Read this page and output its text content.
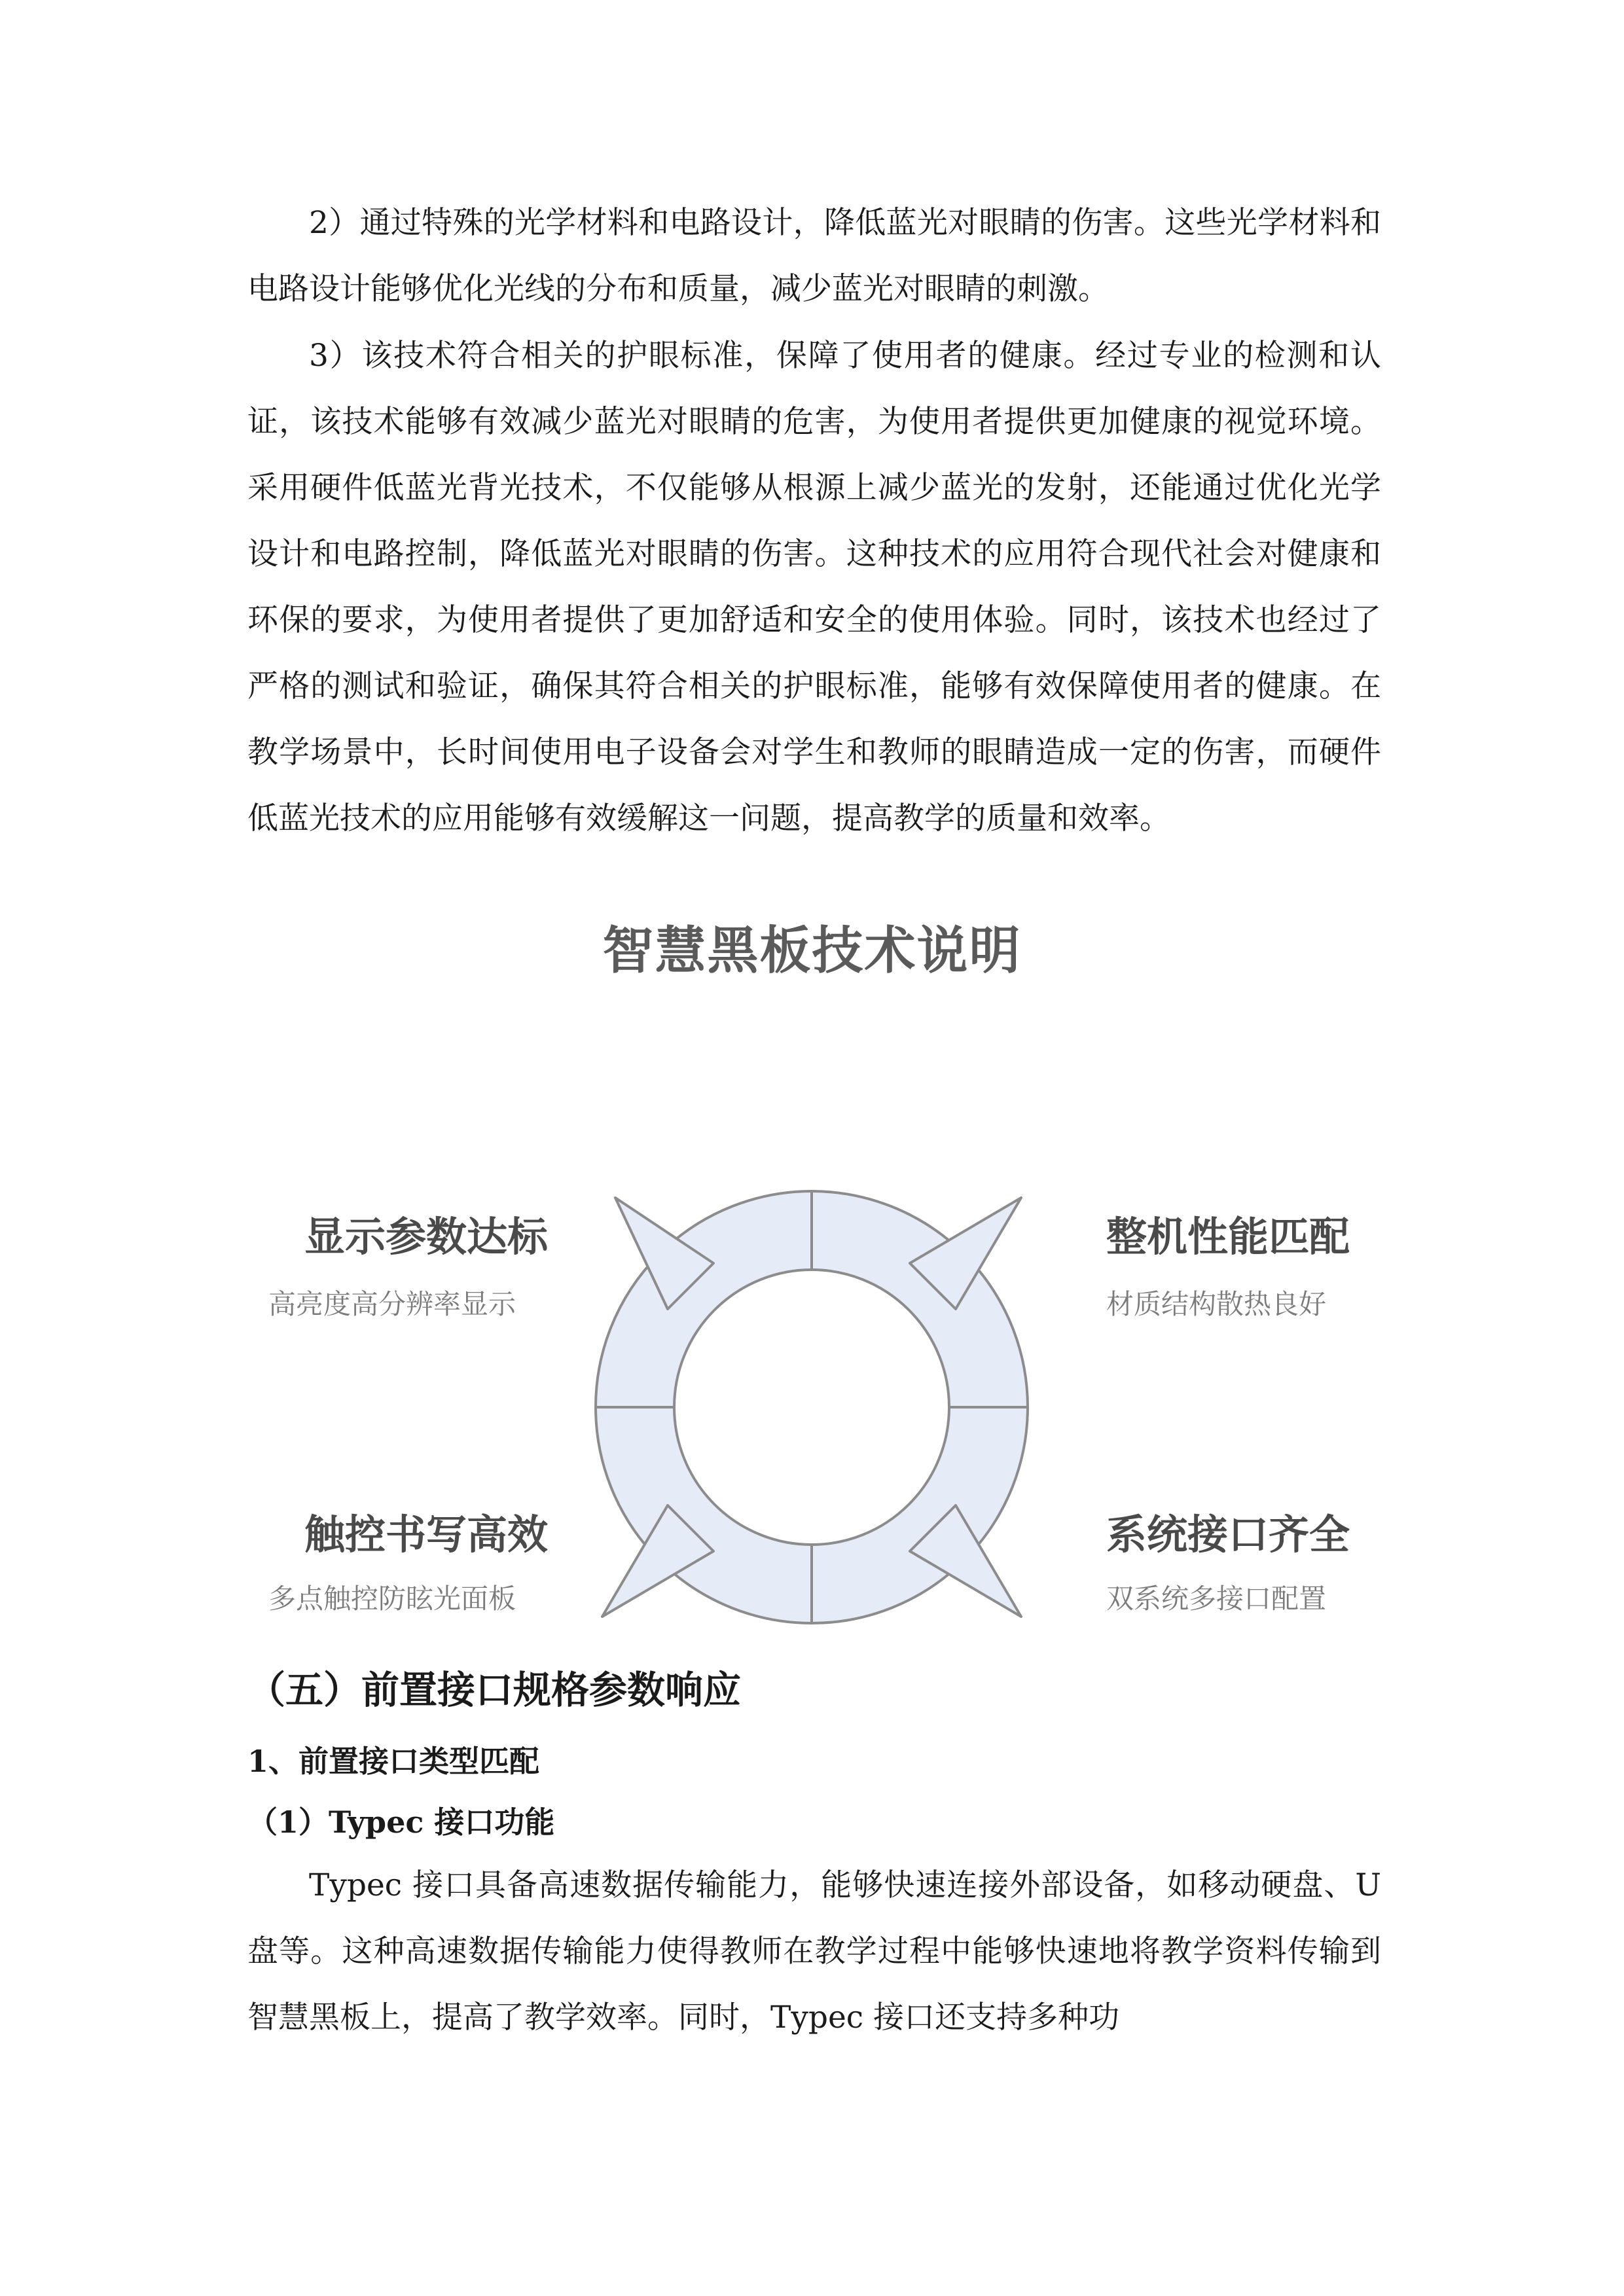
2）通过特殊的光学材料和电路设计，降低蓝光对眼睛的伤害。这些光学材料和电路设计能够优化光线的分布和质量，减少蓝光对眼睛的刺激。

3）该技术符合相关的护眼标准，保障了使用者的健康。经过专业的检测和认证，该技术能够有效减少蓝光对眼睛的危害，为使用者提供更加健康的视觉环境。采用硬件低蓝光背光技术，不仅能够从根源上减少蓝光的发射，还能通过优化光学设计和电路控制，降低蓝光对眼睛的伤害。这种技术的应用符合现代社会对健康和环保的要求，为使用者提供了更加舒适和安全的使用体验。同时，该技术也经过了严格的测试和验证，确保其符合相关的护眼标准，能够有效保障使用者的健康。在教学场景中，长时间使用电子设备会对学生和教师的眼睛造成一定的伤害，而硬件低蓝光技术的应用能够有效缓解这一问题，提高教学的质量和效率。

智慧黑板技术说明

显示参数达标

高亮度高分辨率显示

整机性能匹配

材质结构散热良好

触控书写高效

多点触控防眩光面板

系统接口齐全

双系统多接口配置

（五）前置接口规格参数响应
1、前置接口类型匹配
（1）Typec 接口功能

Typec 接口具备高速数据传输能力，能够快速连接外部设备，如移动硬盘、U 盘等。这种高速数据传输能力使得教师在教学过程中能够快速地将教学资料传输到智慧黑板上，提高了教学效率。同时，Typec 接口还支持多种功
